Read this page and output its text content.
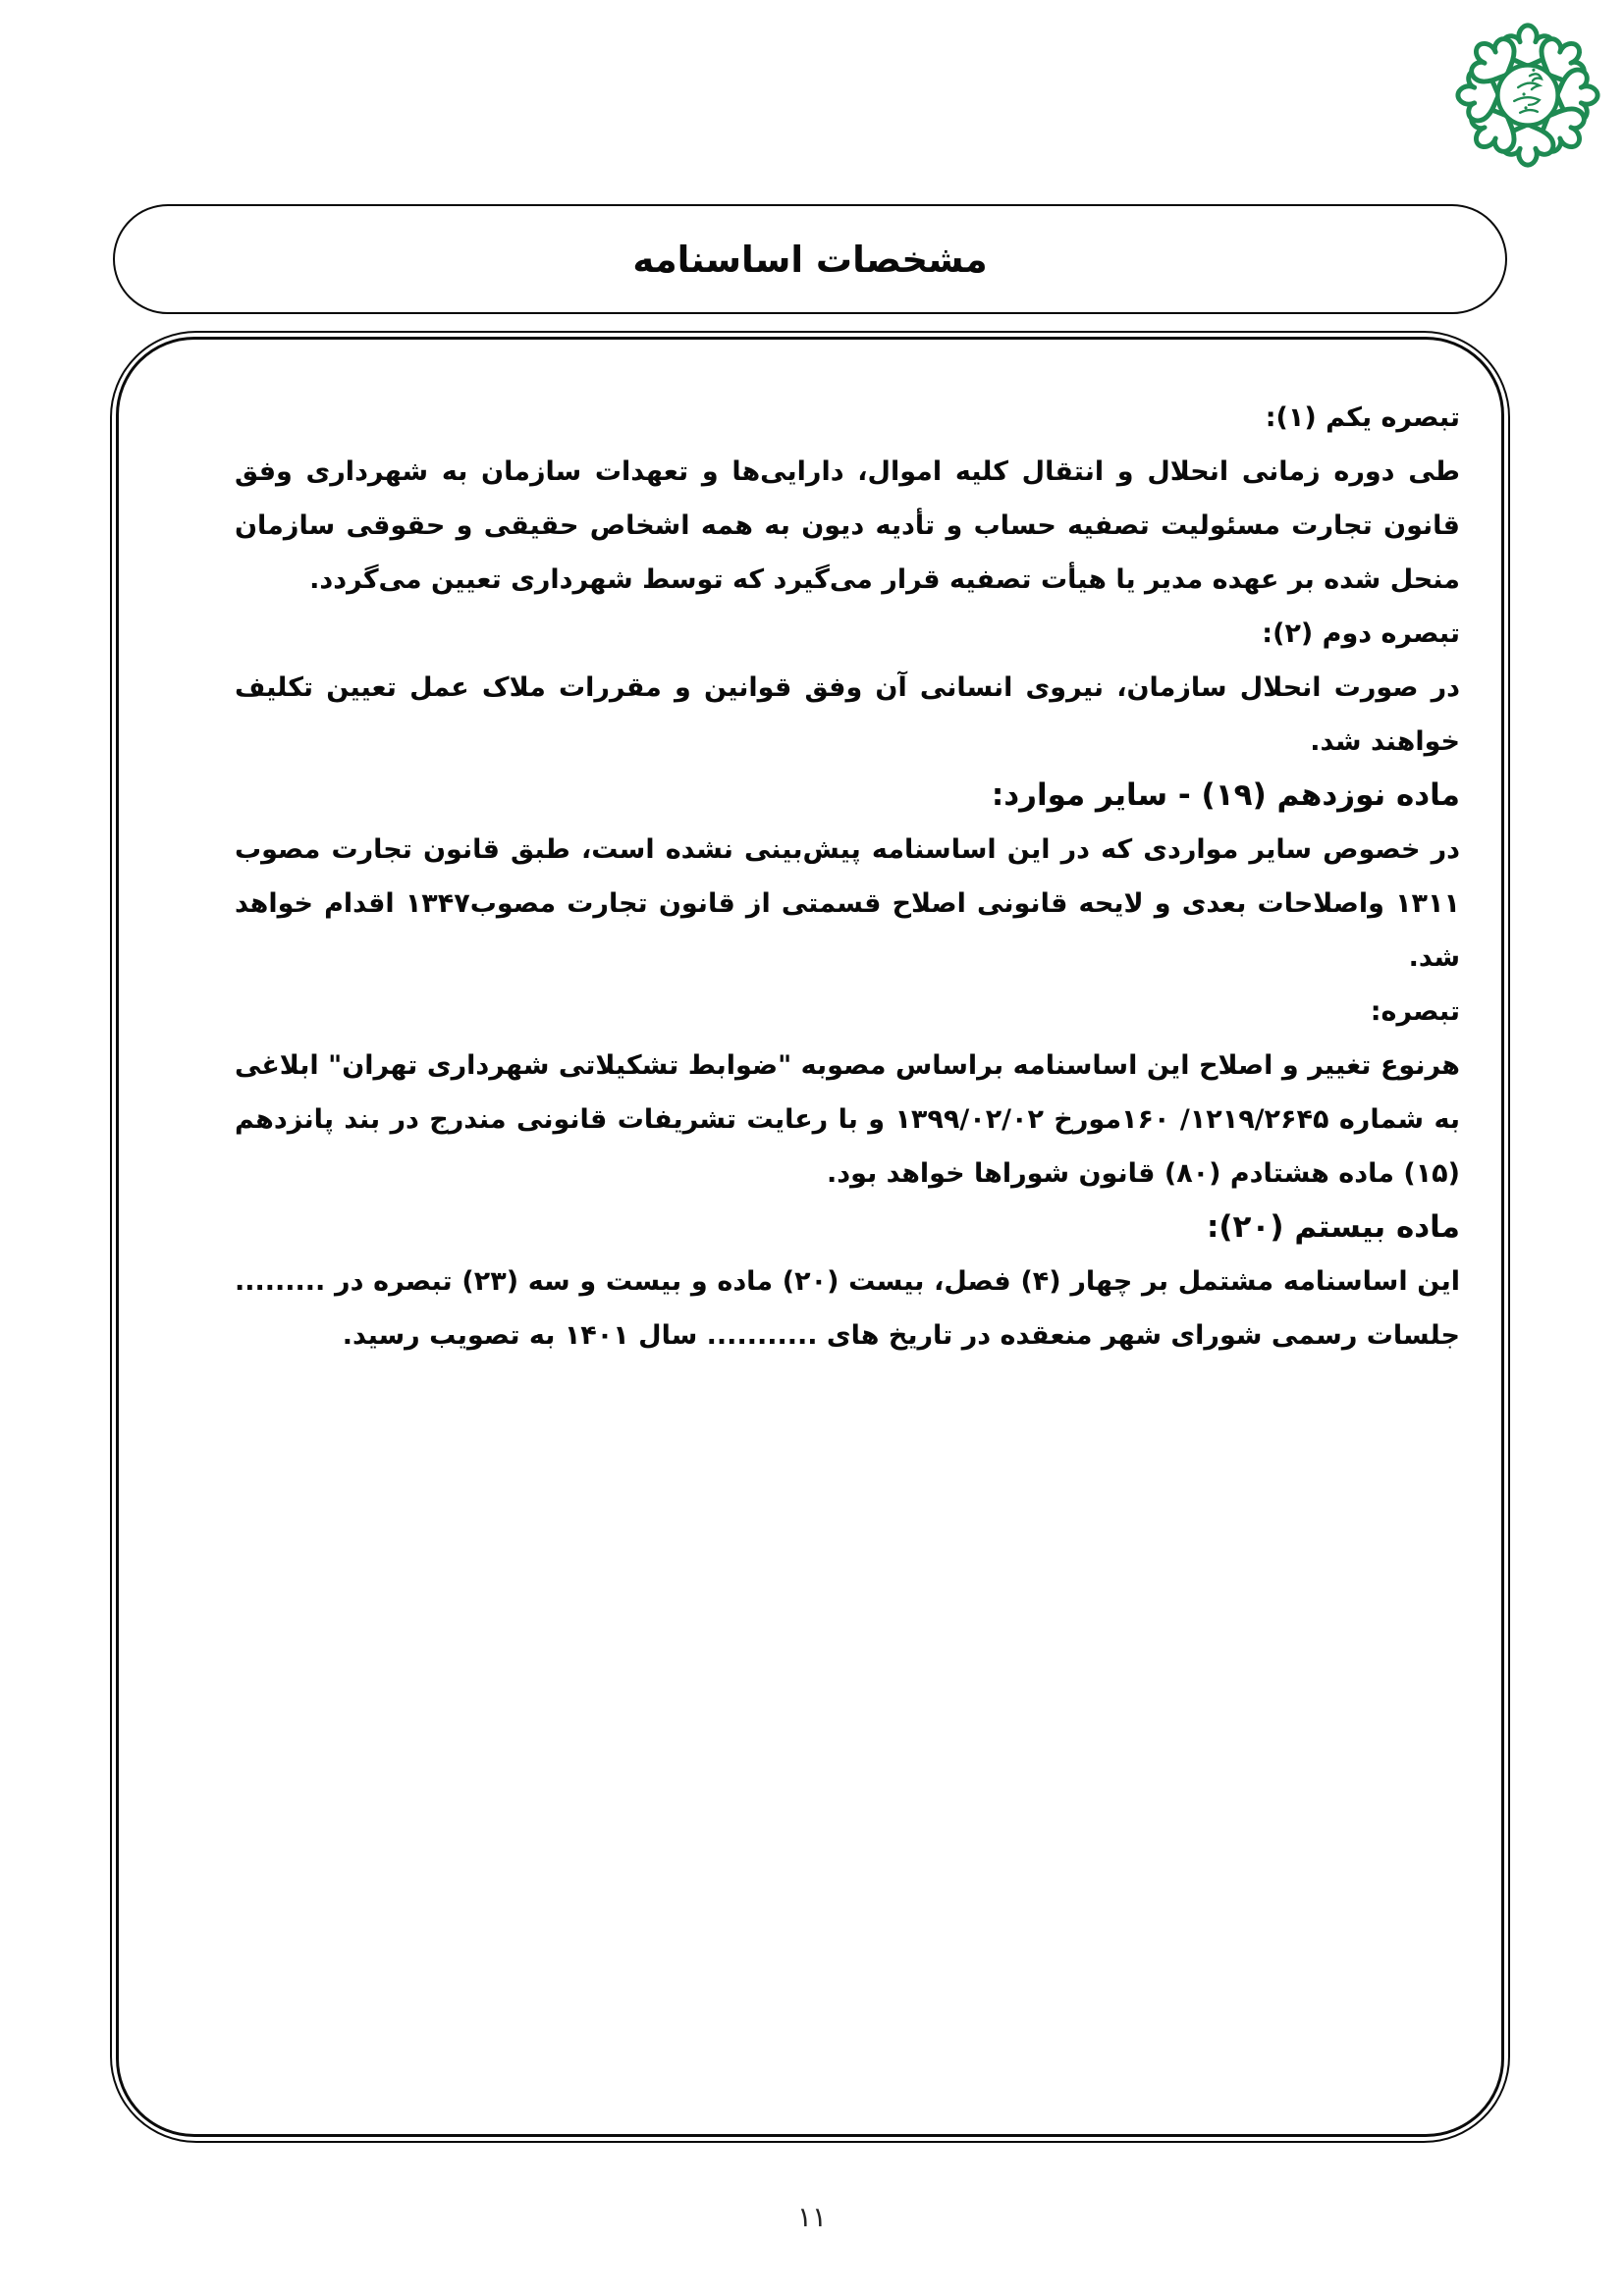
مشخصات اساسنامه

تبصره یکم (۱):

طی دوره زمانی انحلال و انتقال کلیه اموال، دارایی‌ها و تعهدات سازمان به شهرداری وفق قانون تجارت مسئولیت تصفیه حساب و تأدیه دیون به همه اشخاص حقیقی و حقوقی سازمان منحل شده بر عهده مدیر یا هیأت تصفیه قرار می‌گیرد که توسط شهرداری تعیین می‌گردد.

تبصره دوم (۲):

در صورت انحلال سازمان، نیروی انسانی آن وفق قوانین و مقررات ملاک عمل تعیین تکلیف خواهند شد.

ماده نوزدهم (۱۹) - سایر موارد:

در خصوص سایر مواردی که در این اساسنامه پیش‌بینی نشده است، طبق قانون تجارت مصوب ۱۳۱۱ واصلاحات بعدی و لایحه قانونی اصلاح قسمتی از قانون تجارت مصوب۱۳۴۷ اقدام خواهد شد.

تبصره:

هرنوع تغییر و اصلاح این اساسنامه براساس مصوبه "ضوابط تشکیلاتی شهرداری تهران" ابلاغی به شماره ۱۲۱۹/۲۶۴۵/ ۱۶۰مورخ ۱۳۹۹/۰۲/۰۲ و با رعایت تشریفات قانونی مندرج در بند پانزدهم (۱۵) ماده هشتادم (۸۰) قانون شوراها خواهد بود.

ماده بیستم (۲۰):

این اساسنامه مشتمل بر چهار (۴) فصل، بیست (۲۰) ماده و بیست و سه (۲۳) تبصره در ......... جلسات رسمی شورای شهر منعقده در تاریخ های ........... سال ۱۴۰۱ به تصویب رسید.

۱۱
